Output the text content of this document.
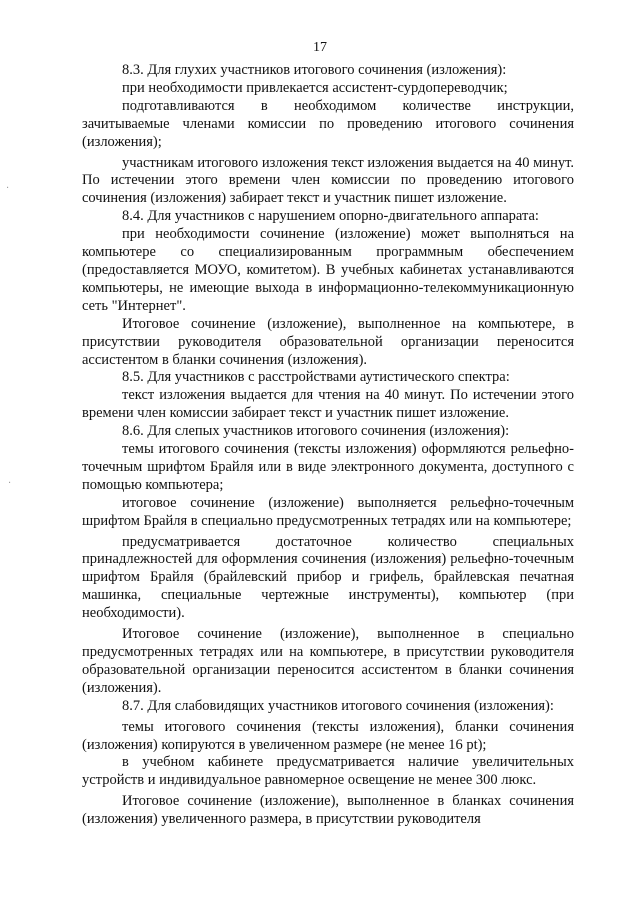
17

8.3. Для глухих участников итогового сочинения (изложения):

при необходимости привлекается ассистент-сурдопереводчик;

подготавливаются в необходимом количестве инструкции, зачитываемые членами комиссии по проведению итогового сочинения (изложения);

участникам итогового изложения текст изложения выдается на 40 минут. По истечении этого времени член комиссии по проведению итогового сочинения (изложения) забирает текст и участник пишет изложение.

8.4. Для участников с нарушением опорно-двигательного аппарата:

при необходимости сочинение (изложение) может выполняться на компьютере со специализированным программным обеспечением (предоставляется МОУО, комитетом). В учебных кабинетах устанавливаются компьютеры, не имеющие выхода в информационно-телекоммуникационную сеть "Интернет".

Итоговое сочинение (изложение), выполненное на компьютере, в присутствии руководителя образовательной организации переносится ассистентом в бланки сочинения (изложения).

8.5. Для участников с расстройствами аутистического спектра:

текст изложения выдается для чтения на 40 минут. По истечении этого времени член комиссии забирает текст и участник пишет изложение.

8.6. Для слепых участников итогового сочинения (изложения):

темы итогового сочинения (тексты изложения) оформляются рельефно-точечным шрифтом Брайля или в виде электронного документа, доступного с помощью компьютера;

итоговое сочинение (изложение) выполняется рельефно-точечным шрифтом Брайля в специально предусмотренных тетрадях или на компьютере;

предусматривается достаточное количество специальных принадлежностей для оформления сочинения (изложения) рельефно-точечным шрифтом Брайля (брайлевский прибор и грифель, брайлевская печатная машинка, специальные чертежные инструменты), компьютер (при необходимости).

Итоговое сочинение (изложение), выполненное в специально предусмотренных тетрадях или на компьютере, в присутствии руководителя образовательной организации переносится ассистентом в бланки сочинения (изложения).

8.7. Для слабовидящих участников итогового сочинения (изложения):

темы итогового сочинения (тексты изложения), бланки сочинения (изложения) копируются в увеличенном размере (не менее 16 pt);

в учебном кабинете предусматривается наличие увеличительных устройств и индивидуальное равномерное освещение не менее 300 люкс.

Итоговое сочинение (изложение), выполненное в бланках сочинения (изложения) увеличенного размера, в присутствии руководителя

·
·
